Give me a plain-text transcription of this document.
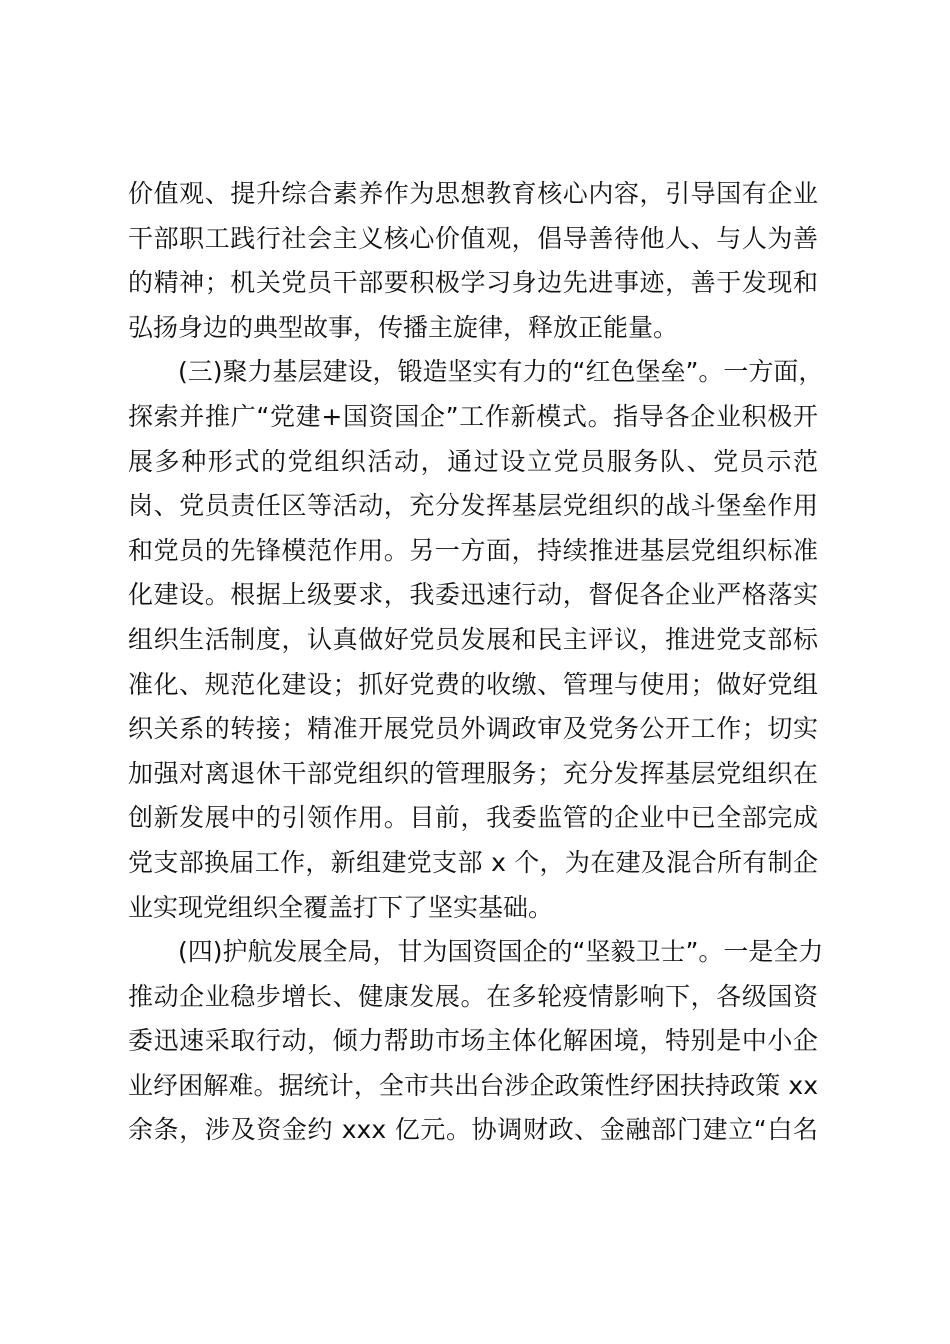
价值观、提升综合素养作为思想教育核心内容，引导国有企业
干部职工践行社会主义核心价值观，倡导善待他人、与人为善
的精神；机关党员干部要积极学习身边先进事迹，善于发现和
弘扬身边的典型故事，传播主旋律，释放正能量。
(三)聚力基层建设，锻造坚实有力的“红色堡垒”。一方面，
探索并推广“党建+国资国企”工作新模式。指导各企业积极开
展多种形式的党组织活动，通过设立党员服务队、党员示范
岗、党员责任区等活动，充分发挥基层党组织的战斗堡垒作用
和党员的先锋模范作用。另一方面，持续推进基层党组织标准
化建设。根据上级要求，我委迅速行动，督促各企业严格落实
组织生活制度，认真做好党员发展和民主评议，推进党支部标
准化、规范化建设；抓好党费的收缴、管理与使用；做好党组
织关系的转接；精准开展党员外调政审及党务公开工作；切实
加强对离退休干部党组织的管理服务；充分发挥基层党组织在
创新发展中的引领作用。目前，我委监管的企业中已全部完成
党支部换届工作，新组建党支部 x 个，为在建及混合所有制企
业实现党组织全覆盖打下了坚实基础。
(四)护航发展全局，甘为国资国企的“坚毅卫士”。一是全力
推动企业稳步增长、健康发展。在多轮疫情影响下，各级国资
委迅速采取行动，倾力帮助市场主体化解困境，特别是中小企
业纾困解难。据统计，全市共出台涉企政策性纾困扶持政策 xx
余条，涉及资金约 xxx 亿元。协调财政、金融部门建立“白名
